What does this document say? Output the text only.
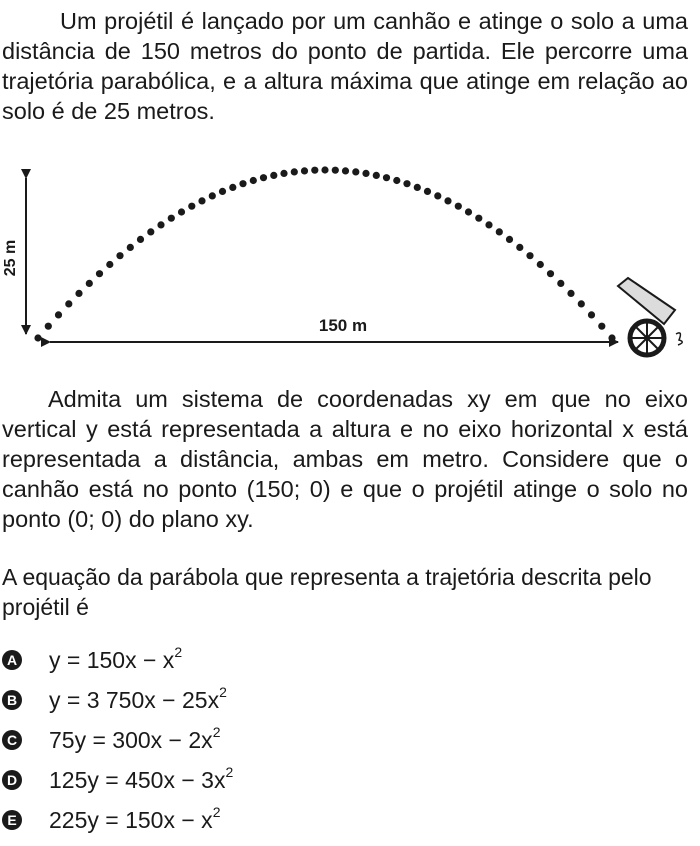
Um projétil é lançado por um canhão e atinge o solo a uma distância de 150 metros do ponto de partida. Ele percorre uma trajetória parabólica, e a altura máxima que atinge em relação ao solo é de 25 metros.

25 m
150 m

Admita um sistema de coordenadas xy em que no eixo vertical y está representada a altura e no eixo horizontal x está representada a distância, ambas em metro. Considere que o canhão está no ponto (150; 0) e que o projétil atinge o solo no ponto (0; 0) do plano xy.

A equação da parábola que representa a trajetória descrita pelo projétil é

A $y = 150x - x^2$
B y = 3 $750x - 25x^2$
C $75y = 300x - 2x^2$
D $125y = 450x - 3x^2$
E $225y = 150x - x^2$
